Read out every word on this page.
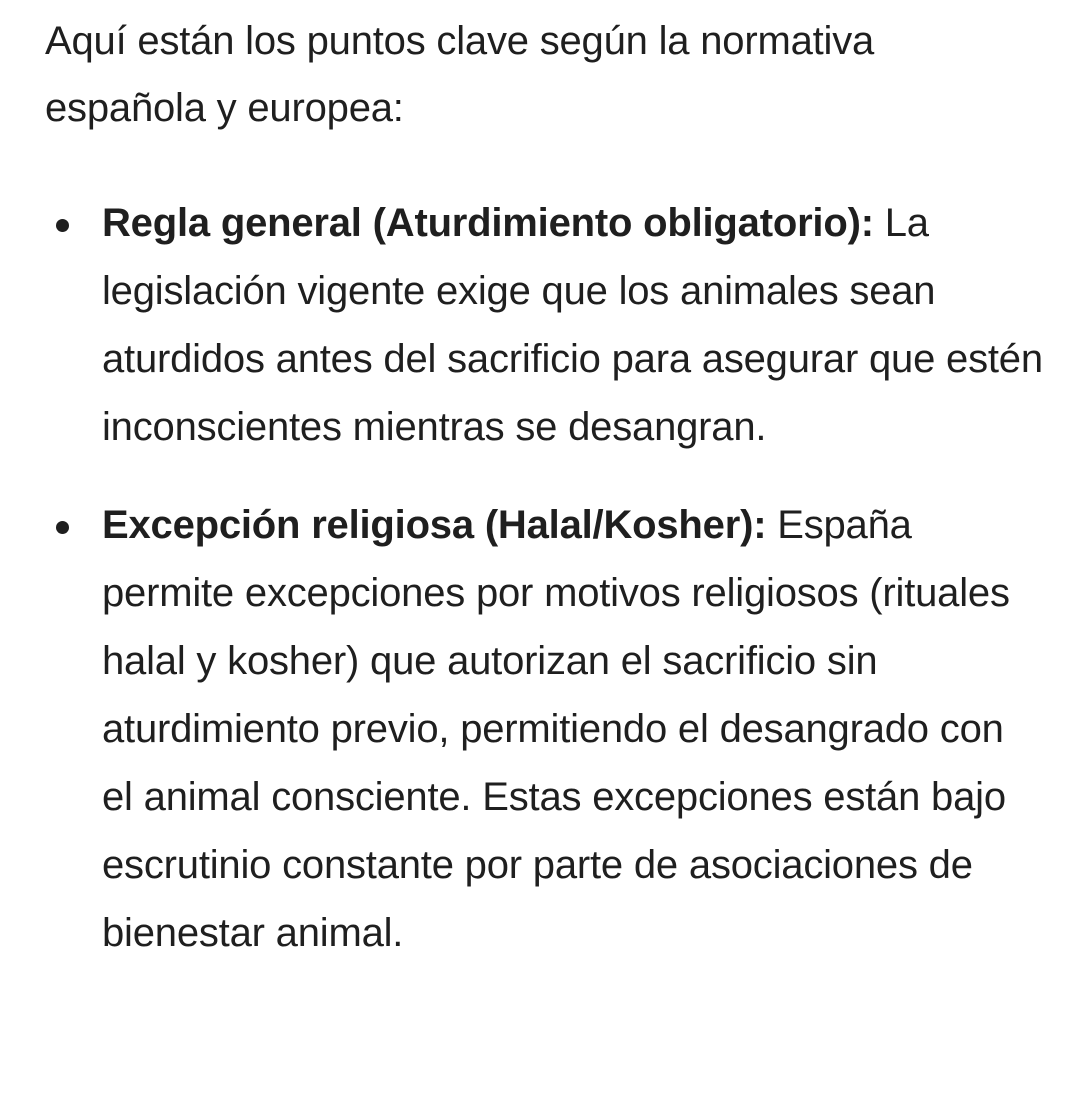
Aquí están los puntos clave según la normativa española y europea:

Regla general (Aturdimiento obligatorio): La legislación vigente exige que los animales sean aturdidos antes del sacrificio para asegurar que estén inconscientes mientras se desangran.
Excepción religiosa (Halal/Kosher): España permite excepciones por motivos religiosos (rituales halal y kosher) que autorizan el sacrificio sin aturdimiento previo, permitiendo el desangrado con el animal consciente. Estas excepciones están bajo escrutinio constante por parte de asociaciones de bienestar animal.
